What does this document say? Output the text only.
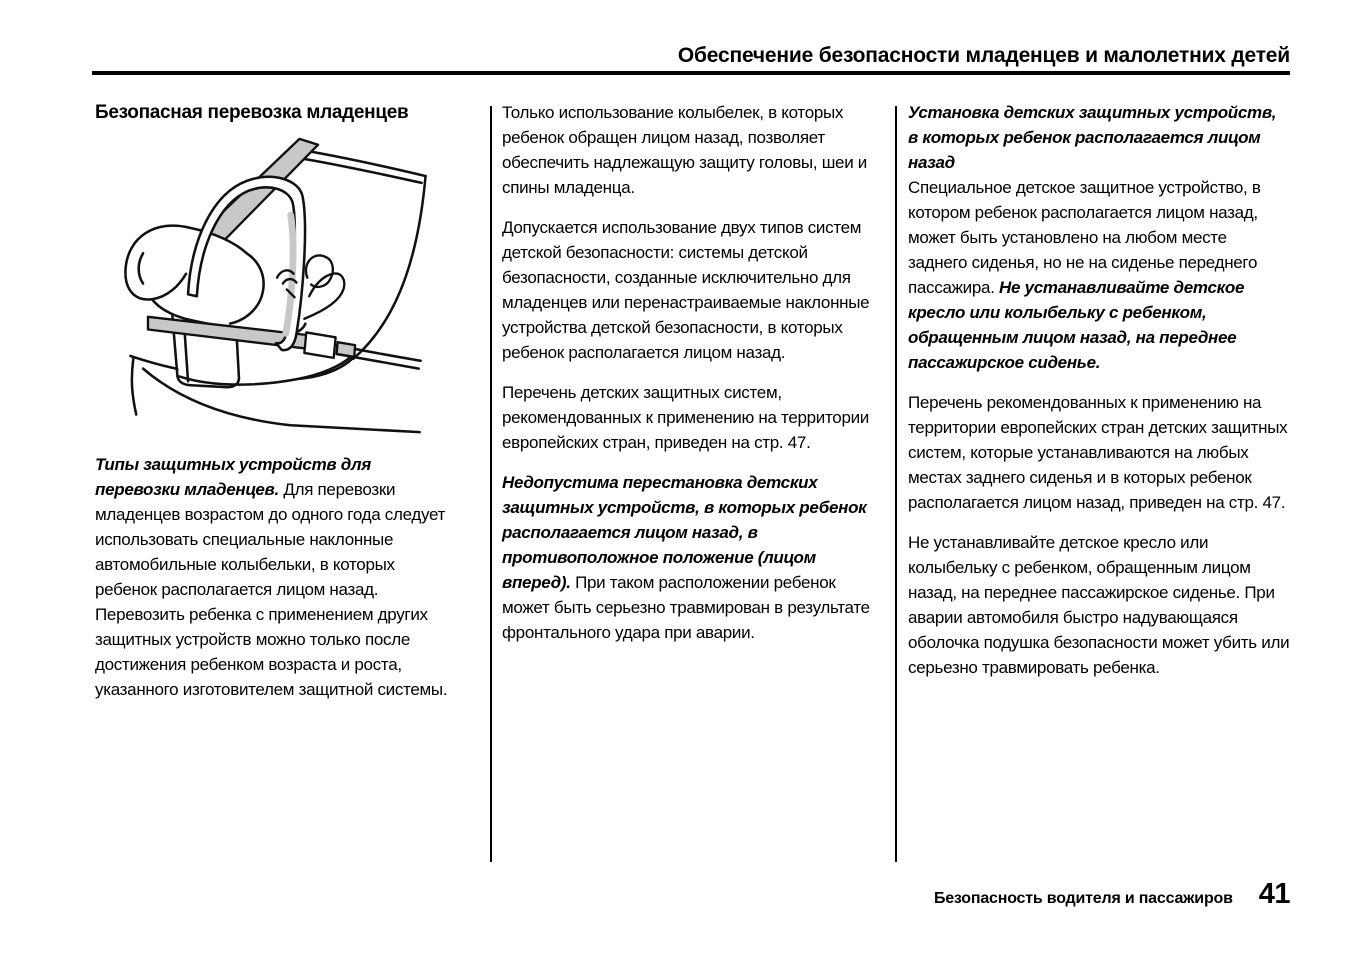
Обеспечение безопасности младенцев и малолетних детей
Безопасная перевозка младенцев

Типы защитных устройств для перевозки младенцев. Для перевозки младенцев возрастом до одного года следует использовать специальные наклонные автомобильные колыбельки, в которых ребенок располагается лицом назад. Перевозить ребенка с применением других защитных устройств можно только после достижения ребенком возраста и роста, указанного изготовителем защитной системы.

Только использование колыбелек, в которых ребенок обращен лицом назад, позволяет обеспечить надлежащую защиту головы, шеи и спины младенца.

Допускается использование двух типов систем детской безопасности: системы детской безопасности, созданные исключительно для младенцев или перенастраиваемые наклонные устройства детской безопасности, в которых ребенок располагается лицом назад.

Перечень детских защитных систем, рекомендованных к применению на территории европейских стран, приведен на стр. 47.

Недопустима перестановка детских защитных устройств, в которых ребенок располагается лицом назад, в противоположное положение (лицом вперед). При таком расположении ребенок может быть серьезно травмирован в результате фронтального удара при аварии.

Установка детских защитных устройств, в которых ребенок располагается лицом назад

Специальное детское защитное устройство, в котором ребенок располагается лицом назад, может быть установлено на любом месте заднего сиденья, но не на сиденье переднего пассажира. Не устанавливайте детское кресло или колыбельку с ребенком, обращенным лицом назад, на переднее пассажирское сиденье.

Перечень рекомендованных к применению на территории европейских стран детских защитных систем, которые устанавливаются на любых местах заднего сиденья и в которых ребенок располагается лицом назад, приведен на стр. 47.

Не устанавливайте детское кресло или колыбельку с ребенком, обращенным лицом назад, на переднее пассажирское сиденье. При аварии автомобиля быстро надувающаяся оболочка подушка безопасности может убить или серьезно травмировать ребенка.

Безопасность водителя и пассажиров 41
